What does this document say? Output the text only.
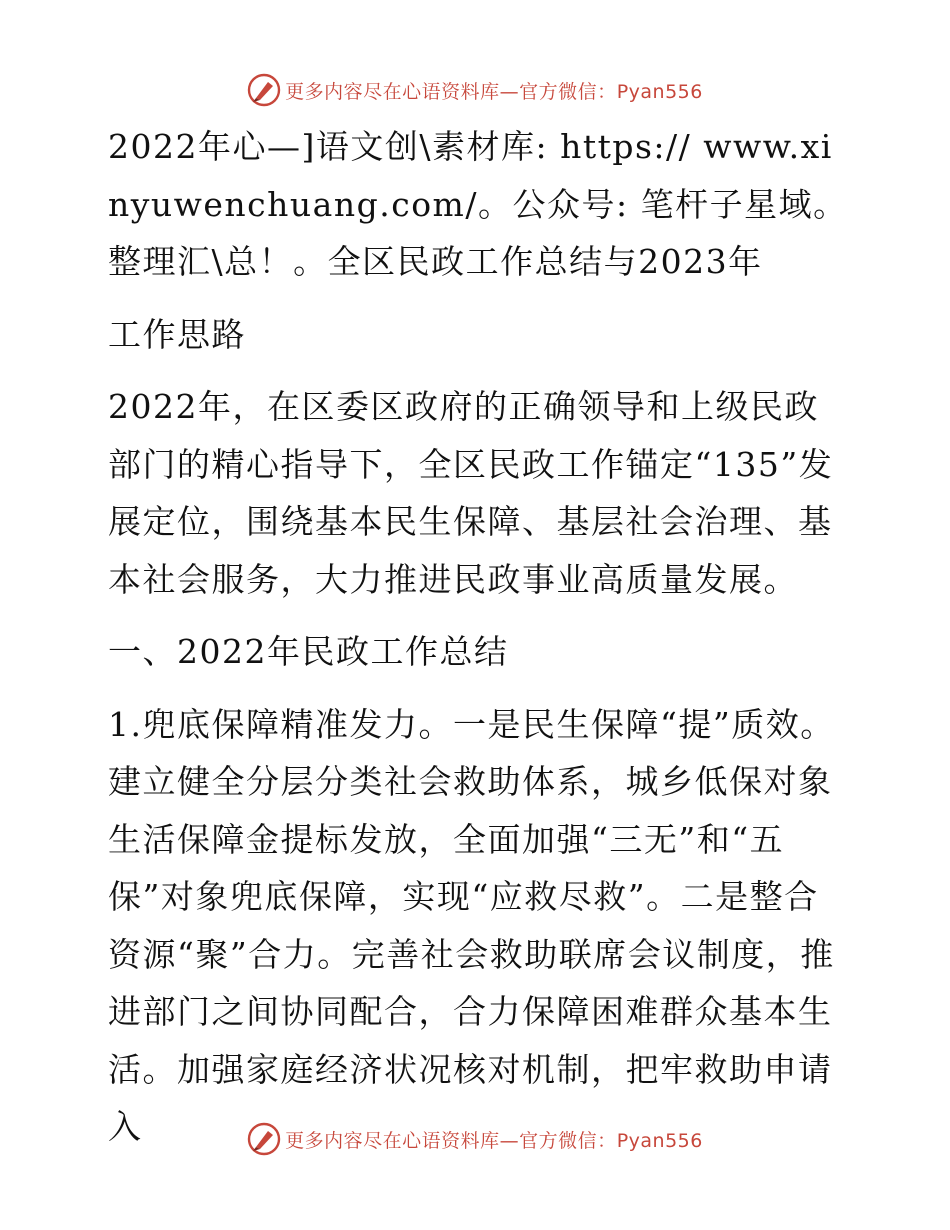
更多内容尽在心语资料库—官方微信：Pyan556

2022年心—]语文创\素材库: https:// www.xinyuwenchuang.com/。公众号: 笔杆子星域。整理汇\总！。全区民政工作总结与2023年

工作思路

2022年，在区委区政府的正确领导和上级民政部门的精心指导下，全区民政工作锚定“135”发展定位，围绕基本民生保障、基层社会治理、基本社会服务，大力推进民政事业高质量发展。

一、2022年民政工作总结

1.兜底保障精准发力。一是民生保障“提”质效。建立健全分层分类社会救助体系，城乡低保对象生活保障金提标发放，全面加强“三无”和“五保”对象兜底保障，实现“应救尽救”。二是整合资源“聚”合力。完善社会救助联席会议制度，推进部门之间协同配合，合力保障困难群众基本生活。加强家庭经济状况核对机制，把牢救助申请入	更多内容尽在心语资料库—官方微信：Pyan556
